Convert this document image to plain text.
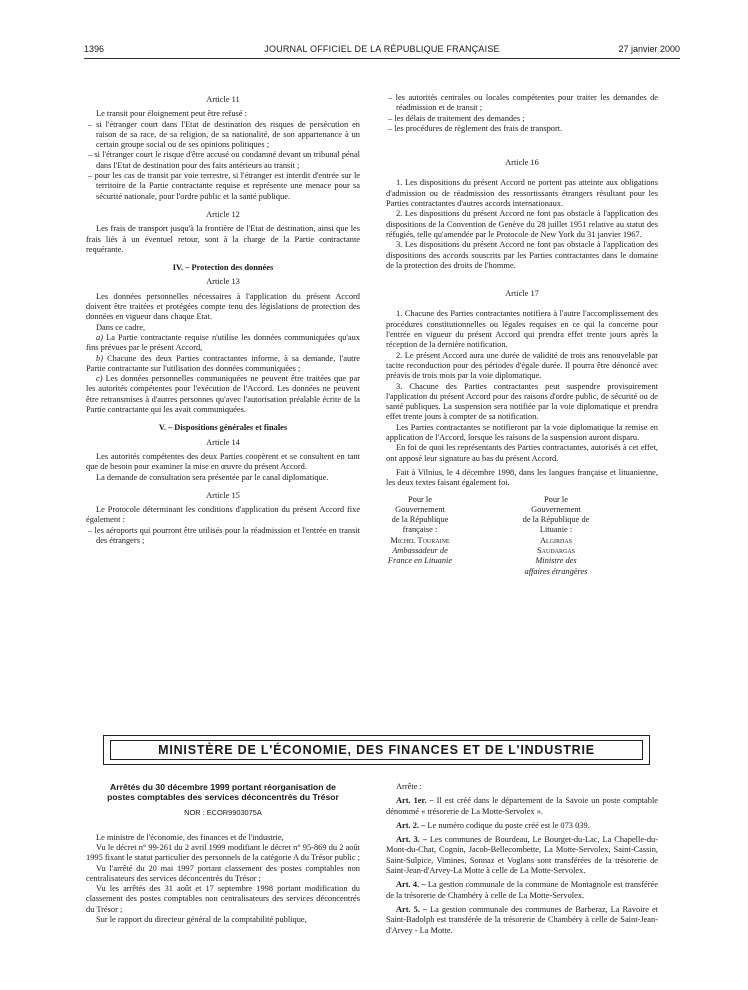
1396	JOURNAL OFFICIEL DE LA RÉPUBLIQUE FRANÇAISE	27 janvier 2000

Article 11

Le transit pour éloignement peut être refusé :

– si l'étranger court dans l'Etat de destination des risques de persécution en raison de sa race, de sa religion, de sa nationalité, de son appartenance à un certain groupe social ou de ses opinions politiques ;

– si l'étranger court le risque d'être accusé ou condamné devant un tribunal pénal dans l'Etat de destination pour des faits antérieurs au transit ;

– pour les cas de transit par voie terrestre, si l'étranger est interdit d'entrée sur le territoire de la Partie contractante requise et représente une menace pour sa sécurité nationale, pour l'ordre public et la santé publique.

Article 12

Les frais de transport jusqu'à la frontière de l'Etat de destination, ainsi que les frais liés à un éventuel retour, sont à la charge de la Partie contractante requérante.

IV. – Protection des données

Article 13

Les données personnelles nécessaires à l'application du présent Accord doivent être traitées et protégées compte tenu des législations de protection des données en vigueur dans chaque Etat.

Dans ce cadre,

a) La Partie contractante requise n'utilise les données communiquées qu'aux fins prévues par le présent Accord,

b) Chacune des deux Parties contractantes informe, à sa demande, l'autre Partie contractante sur l'utilisation des données communiquées ;

c) Les données personnelles communiquées ne peuvent être traitées que par les autorités compétentes pour l'exécution de l'Accord. Les données ne peuvent être retransmises à d'autres personnes qu'avec l'autorisation préalable écrite de la Partie contractante qui les avait communiquées.

V. – Dispositions générales et finales

Article 14

Les autorités compétentes des deux Parties coopèrent et se consultent en tant que de besoin pour examiner la mise en œuvre du présent Accord.

La demande de consultation sera présentée par le canal diplomatique.

Article 15

Le Protocole déterminant les conditions d'application du présent Accord fixe également :

– les aéroports qui pourront être utilisés pour la réadmission et l'entrée en transit des étrangers ;

– les autorités centrales ou locales compétentes pour traiter les demandes de réadmission et de transit ;

– les délais de traitement des demandes ;

– les procédures de règlement des frais de transport.

Article 16

1. Les dispositions du présent Accord ne portent pas atteinte aux obligations d'admission ou de réadmission des ressortissants étrangers résultant pour les Parties contractantes d'autres accords internationaux.

2. Les dispositions du présent Accord ne font pas obstacle à l'application des dispositions de la Convention de Genève du 28 juillet 1951 relative au statut des réfugiés, telle qu'amendée par le Protocole de New York du 31 janvier 1967.

3. Les dispositions du présent Accord ne font pas obstacle à l'application des dispositions des accords souscrits par les Parties contractantes dans le domaine de la protection des droits de l'homme.

Article 17

1. Chacune des Parties contractantes notifiera à l'autre l'accomplissement des procédures constitutionnelles ou légales requises en ce qui la concerne pour l'entrée en vigueur du présent Accord qui prendra effet trente jours après la réception de la dernière notification.

2. Le présent Accord aura une durée de validité de trois ans renouvelable par tacite reconduction pour des périodes d'égale durée. Il pourra être dénoncé avec préavis de trois mois par la voie diplomatique.

3. Chacune des Parties contractantes peut suspendre provisoirement l'application du présent Accord pour des raisons d'ordre public, de sécurité ou de santé publiques. La suspension sera notifiée par la voie diplomatique et prendra effet trente jours à compter de sa notification.

Les Parties contractantes se notifieront par la voie diplomatique la remise en application de l'Accord, lorsque les raisons de la suspension auront disparu.

En foi de quoi les représentants des Parties contractantes, autorisés à cet effet, ont apposé leur signature au bas du présent Accord.

Fait à Vilnius, le 4 décembre 1998, dans les langues française et lituanienne, les deux textes faisant également foi.

Pour le Gouvernement
de la République française :
Michel Touraine
Ambassadeur de France en Lituanie
Pour le Gouvernement
de la République de Lituanie :
Algirdas Saudargas
Ministre des affaires étrangères
MINISTÈRE DE L'ÉCONOMIE, DES FINANCES ET DE L'INDUSTRIE

Arrêtés du 30 décembre 1999 portant réorganisation de postes comptables des services déconcentrés du Trésor

NOR : ECOR9903075A

Le ministre de l'économie, des finances et de l'industrie,

Vu le décret n° 99-261 du 2 avril 1999 modifiant le décret n° 95-869 du 2 août 1995 fixant le statut particulier des personnels de la catégorie A du Trésor public ;

Vu l'arrêté du 20 mai 1997 portant classement des postes comptables non centralisateurs des services déconcentrés du Trésor ;

Vu les arrêtés des 31 août et 17 septembre 1998 portant modification du classement des postes comptables non centralisateurs des services déconcentrés du Trésor ;

Sur le rapport du directeur général de la comptabilité publique,

Arrête :

Art. 1er. – Il est créé dans le département de la Savoie un poste comptable dénommé « trésorerie de La Motte-Servolex ».

Art. 2. – Le numéro codique du poste créé est le 073 039.

Art. 3. – Les communes de Bourdeau, Le Bourget-du-Lac, La Chapelle-du-Mont-du-Chat, Cognin, Jacob-Bellecombette, La Motte-Servolex, Saint-Cassin, Saint-Sulpice, Vimines, Sonnaz et Voglans sont transférées de la trésorerie de Saint-Jean-d'Arvey-La Motte à celle de La Motte-Servolex.

Art. 4. – La gestion communale de la commune de Montagnole est transférée de la trésorerie de Chambéry à celle de La Motte-Servolex.

Art. 5. – La gestion communale des communes de Barberaz, La Ravoire et Saint-Badolph est transférée de la trésorerie de Chambéry à celle de Saint-Jean-d'Arvey - La Motte.
